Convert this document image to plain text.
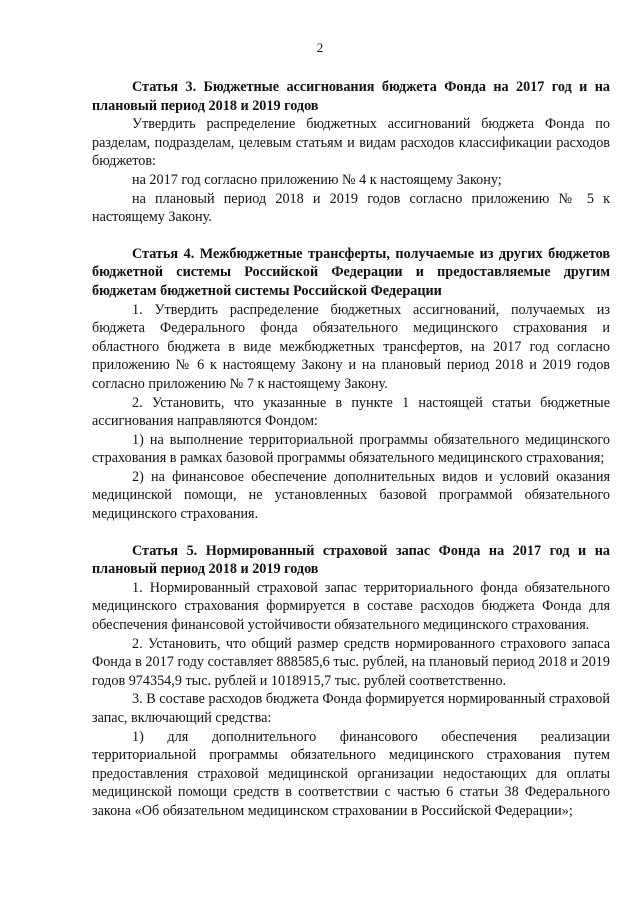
2

Статья 3. Бюджетные ассигнования бюджета Фонда на 2017 год и на плановый период 2018 и 2019 годов

Утвердить распределение бюджетных ассигнований бюджета Фонда по разделам, подразделам, целевым статьям и видам расходов классификации расходов бюджетов:

на 2017 год согласно приложению № 4 к настоящему Закону;

на плановый период 2018 и 2019 годов согласно приложению № 5 к настоящему Закону.

Статья 4. Межбюджетные трансферты, получаемые из других бюджетов бюджетной системы Российской Федерации и предоставляемые другим бюджетам бюджетной системы Российской Федерации

1. Утвердить распределение бюджетных ассигнований, получаемых из бюджета Федерального фонда обязательного медицинского страхования и областного бюджета в виде межбюджетных трансфертов, на 2017 год согласно приложению № 6 к настоящему Закону и на плановый период 2018 и 2019 годов согласно приложению № 7 к настоящему Закону.

2. Установить, что указанные в пункте 1 настоящей статьи бюджетные ассигнования направляются Фондом:

1) на выполнение территориальной программы обязательного медицинского страхования в рамках базовой программы обязательного медицинского страхования;

2) на финансовое обеспечение дополнительных видов и условий оказания медицинской помощи, не установленных базовой программой обязательного медицинского страхования.

Статья 5. Нормированный страховой запас Фонда на 2017 год и на плановый период 2018 и 2019 годов

1. Нормированный страховой запас территориального фонда обязательного медицинского страхования формируется в составе расходов бюджета Фонда для обеспечения финансовой устойчивости обязательного медицинского страхования.

2. Установить, что общий размер средств нормированного страхового запаса Фонда в 2017 году составляет 888585,6 тыс. рублей, на плановый период 2018 и 2019 годов 974354,9 тыс. рублей и 1018915,7 тыс. рублей соответственно.

3. В составе расходов бюджета Фонда формируется нормированный страховой запас, включающий средства:

1) для дополнительного финансового обеспечения реализации территориальной программы обязательного медицинского страхования путем предоставления страховой медицинской организации недостающих для оплаты медицинской помощи средств в соответствии с частью 6 статьи 38 Федерального закона «Об обязательном медицинском страховании в Российской Федерации»;
